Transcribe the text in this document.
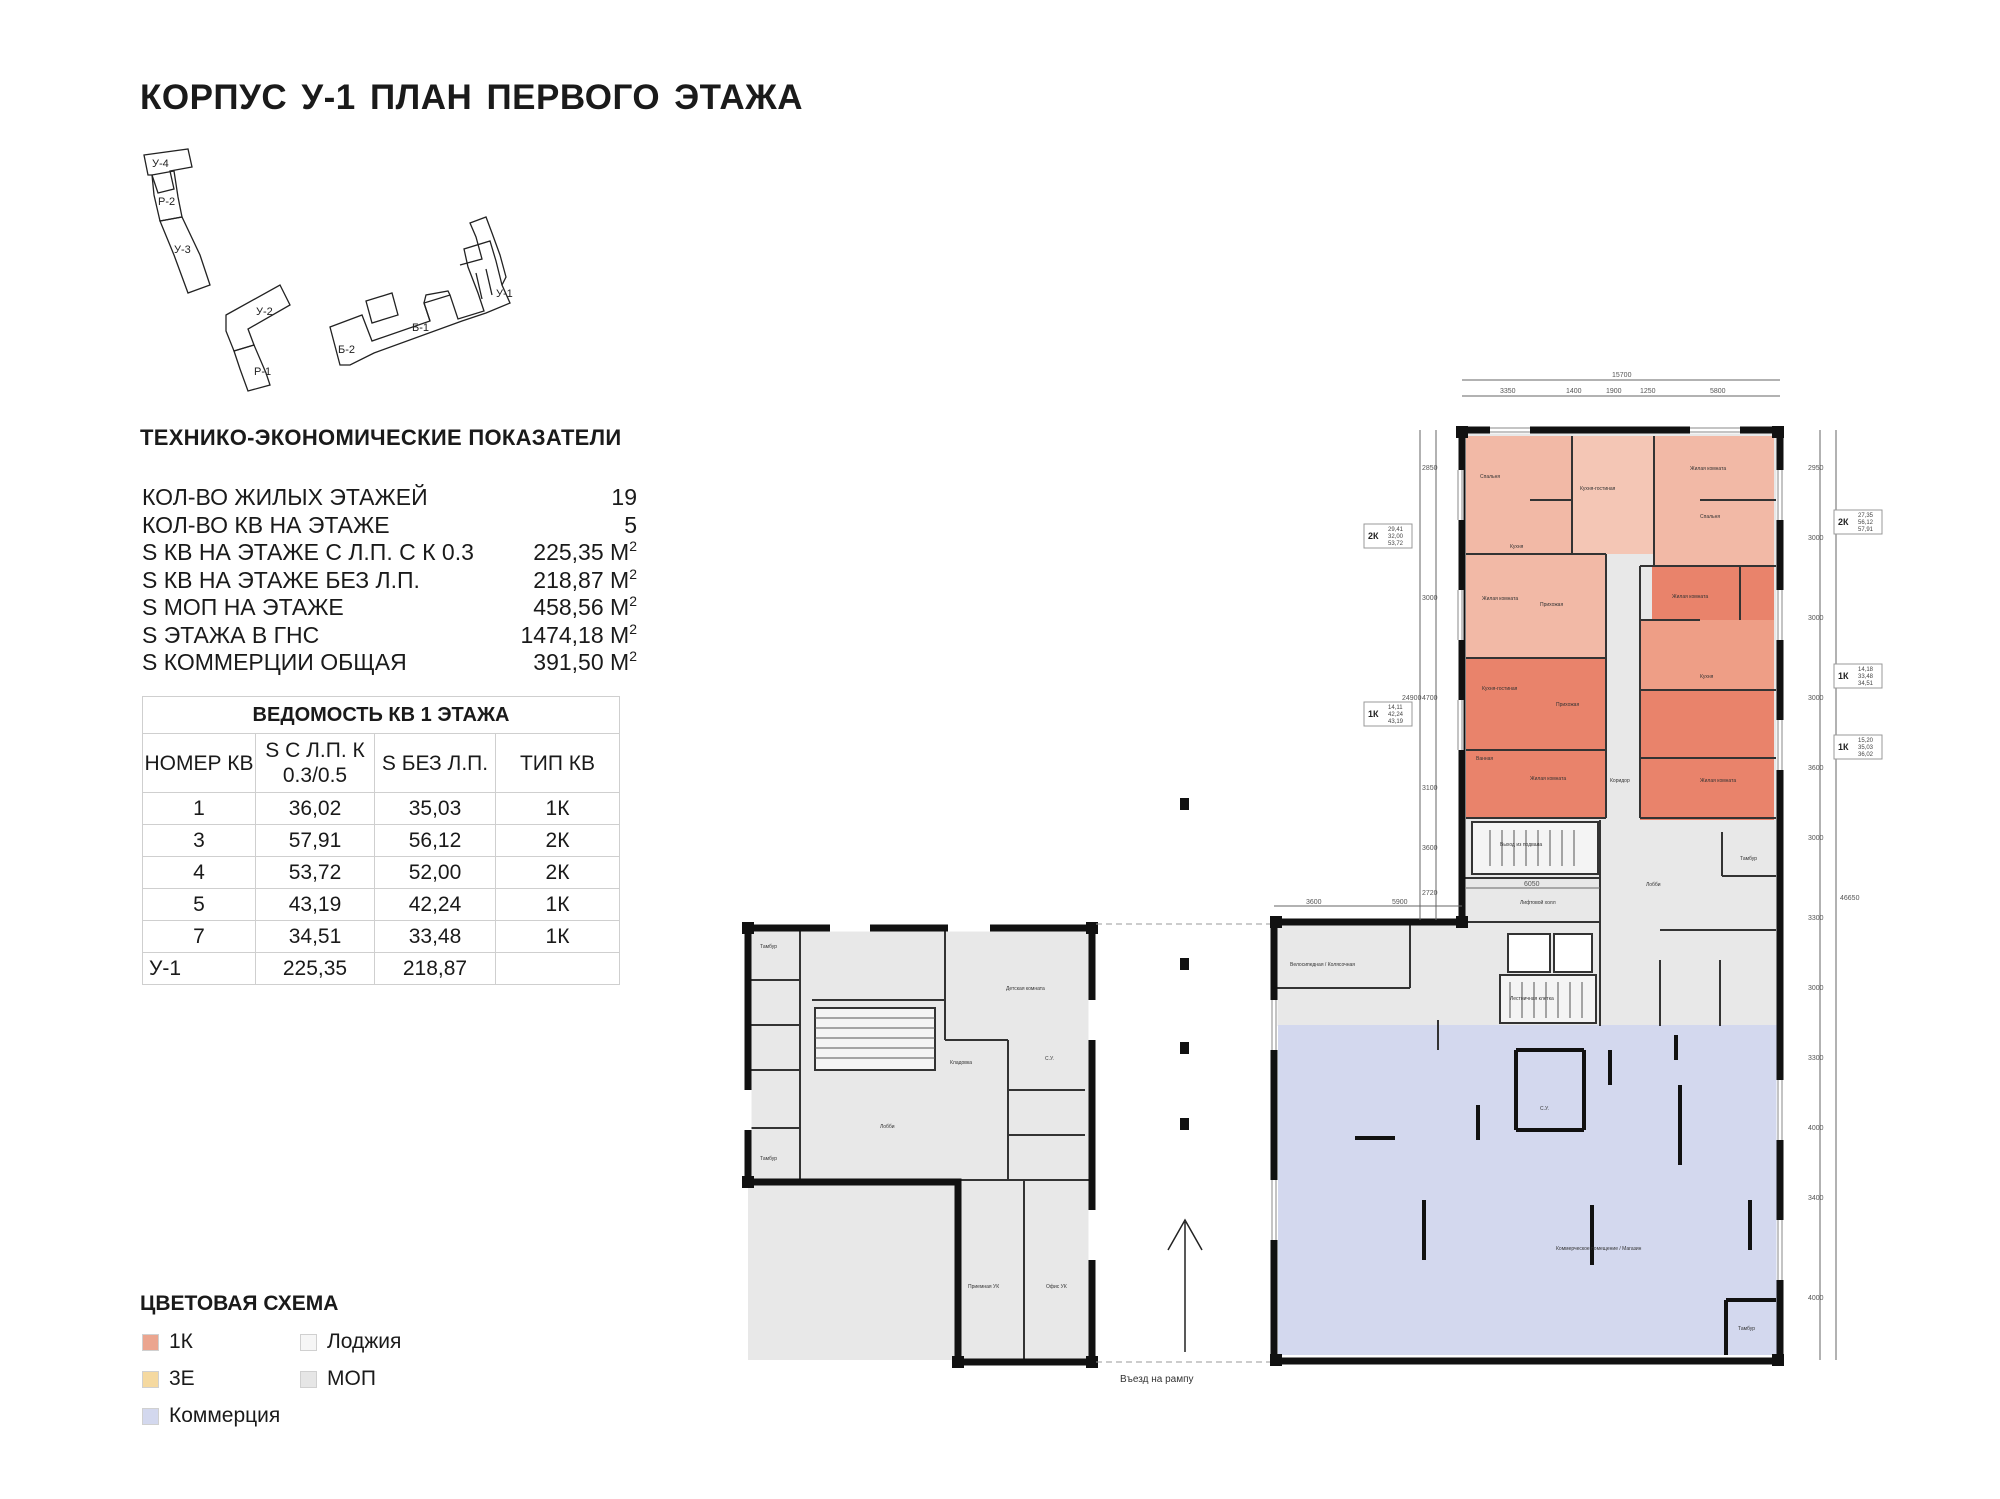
КОРПУС У-1 ПЛАН ПЕРВОГО ЭТАЖА
У-4
Р-2
У-3
У-2
Р-1
Б-2
Б-1
У-1
ТЕХНИКО-ЭКОНОМИЧЕСКИЕ ПОКАЗАТЕЛИ
КОЛ-ВО ЖИЛЫХ ЭТАЖЕЙ	19
КОЛ-ВО КВ НА ЭТАЖЕ	5
S КВ НА ЭТАЖЕ С Л.П. С К 0.3	225,35 $М^2$
S КВ НА ЭТАЖЕ БЕЗ Л.П.	218,87 $М^2$
S МОП НА ЭТАЖЕ	458,56 $М^2$
S ЭТАЖА В ГНС	1474,18 $М^2$
S КОММЕРЦИИ ОБЩАЯ	391,50 $М^2$
ВЕДОМОСТЬ КВ 1 ЭТАЖА			
НОМЕР КВ	S С Л.П. К 0.3/0.5	S БЕЗ Л.П.	ТИП КВ
1	36,02	35,03	1К
3	57,91	56,12	2К
4	53,72	52,00	2К
5	43,19	42,24	1К
7	34,51	33,48	1К
У-1	225,35	218,87	
ЦВЕТОВАЯ СХЕМА
1К	Лоджия
3Е	МОП
Коммерция
Въезд на рампу
15700
3350	1400	1900	1250	5800
2850
3000
4700
3100
3600
2720
24900
2950
3000
3000
3000
3600
3000
3300
3000
3300
4000
3400
4000
46650
6050
3600	5900
2К
29,41
32,00
53,72
1К
14,11
42,24
43,19
2К
27,35
56,12
57,91
1К
14,18
33,48
34,51
1К
15,20
35,03
36,02
Спальня
Кухня
Жилая комната
Прихожая
Кухня-гостиная
Жилая комната
Спальня
Кухня-гостиная
Прихожая
Жилая комната
Ванная
Жилая комната
Кухня
Жилая комната
Коридор
Выход из подвала
Лифтовой холл
Велосипедная / Колясочная
Лестничная клетка
Лобби
Тамбур
Коммерческое помещение / Магазин
Тамбур
С.У.
Детская комната
Кладовка
Тамбур
Тамбур
Лобби
С.У.
Приемная УК	Офис УК
